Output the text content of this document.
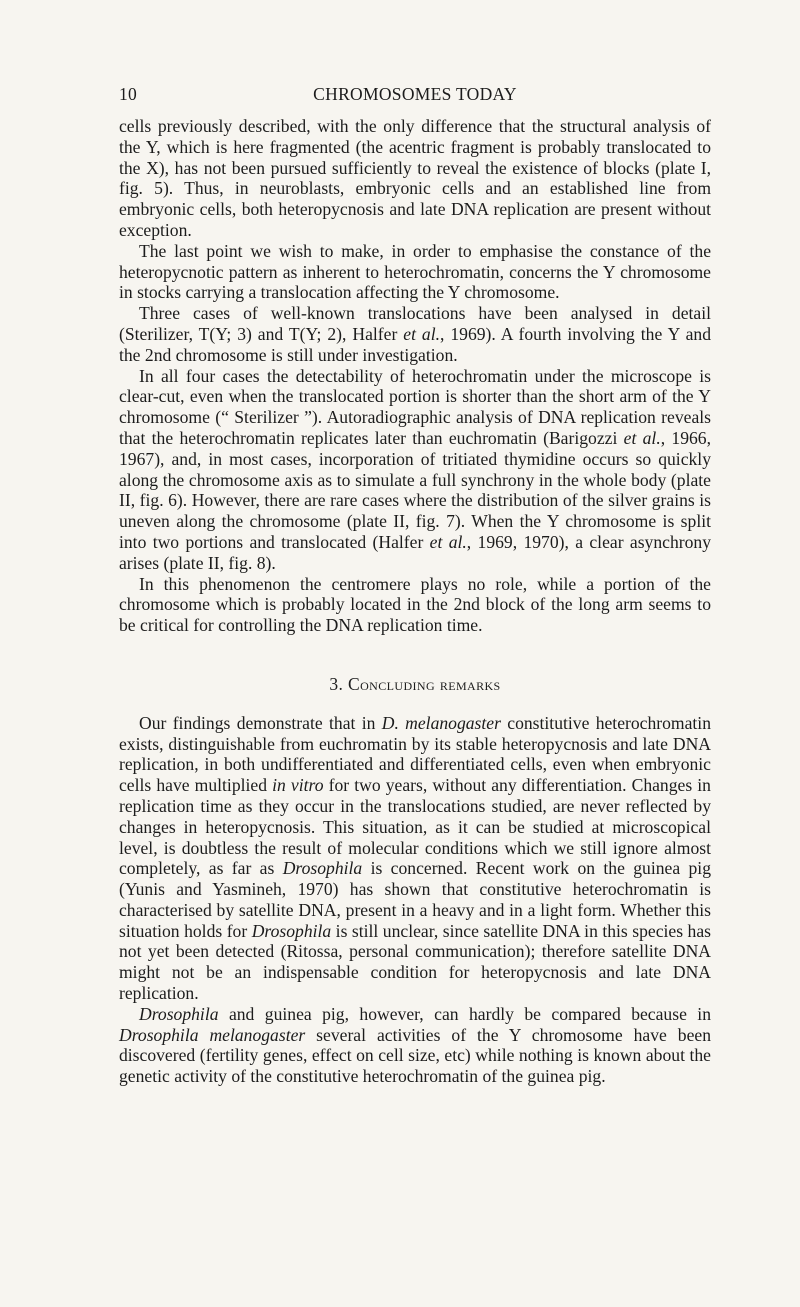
10	CHROMOSOMES TODAY

cells previously described, with the only difference that the structural analysis of the Y, which is here fragmented (the acentric fragment is probably translocated to the X), has not been pursued sufficiently to reveal the existence of blocks (plate I, fig. 5). Thus, in neuroblasts, embryonic cells and an established line from embryonic cells, both heteropycnosis and late DNA replication are present without exception.

The last point we wish to make, in order to emphasise the constance of the heteropycnotic pattern as inherent to heterochromatin, concerns the Y chromosome in stocks carrying a translocation affecting the Y chromosome.

Three cases of well-known translocations have been analysed in detail (Sterilizer, T(Y; 3) and T(Y; 2), Halfer et al., 1969). A fourth involving the Y and the 2nd chromosome is still under investigation.

In all four cases the detectability of heterochromatin under the microscope is clear-cut, even when the translocated portion is shorter than the short arm of the Y chromosome (“ Sterilizer ”). Autoradiographic analysis of DNA replication reveals that the heterochromatin replicates later than euchromatin (Barigozzi et al., 1966, 1967), and, in most cases, incorporation of tritiated thymidine occurs so quickly along the chromosome axis as to simulate a full synchrony in the whole body (plate II, fig. 6). However, there are rare cases where the distribution of the silver grains is uneven along the chromosome (plate II, fig. 7). When the Y chromosome is split into two portions and translocated (Halfer et al., 1969, 1970), a clear asynchrony arises (plate II, fig. 8).

In this phenomenon the centromere plays no role, while a portion of the chromosome which is probably located in the 2nd block of the long arm seems to be critical for controlling the DNA replication time.

3. Concluding remarks

Our findings demonstrate that in D. melanogaster constitutive heterochromatin exists, distinguishable from euchromatin by its stable heteropycnosis and late DNA replication, in both undifferentiated and differentiated cells, even when embryonic cells have multiplied in vitro for two years, without any differentiation. Changes in replication time as they occur in the translocations studied, are never reflected by changes in heteropycnosis. This situation, as it can be studied at microscopical level, is doubtless the result of molecular conditions which we still ignore almost completely, as far as Drosophila is concerned. Recent work on the guinea pig (Yunis and Yasmineh, 1970) has shown that constitutive heterochromatin is characterised by satellite DNA, present in a heavy and in a light form. Whether this situation holds for Drosophila is still unclear, since satellite DNA in this species has not yet been detected (Ritossa, personal communication); therefore satellite DNA might not be an indispensable condition for heteropycnosis and late DNA replication.

Drosophila and guinea pig, however, can hardly be compared because in Drosophila melanogaster several activities of the Y chromosome have been discovered (fertility genes, effect on cell size, etc) while nothing is known about the genetic activity of the constitutive heterochromatin of the guinea pig.
